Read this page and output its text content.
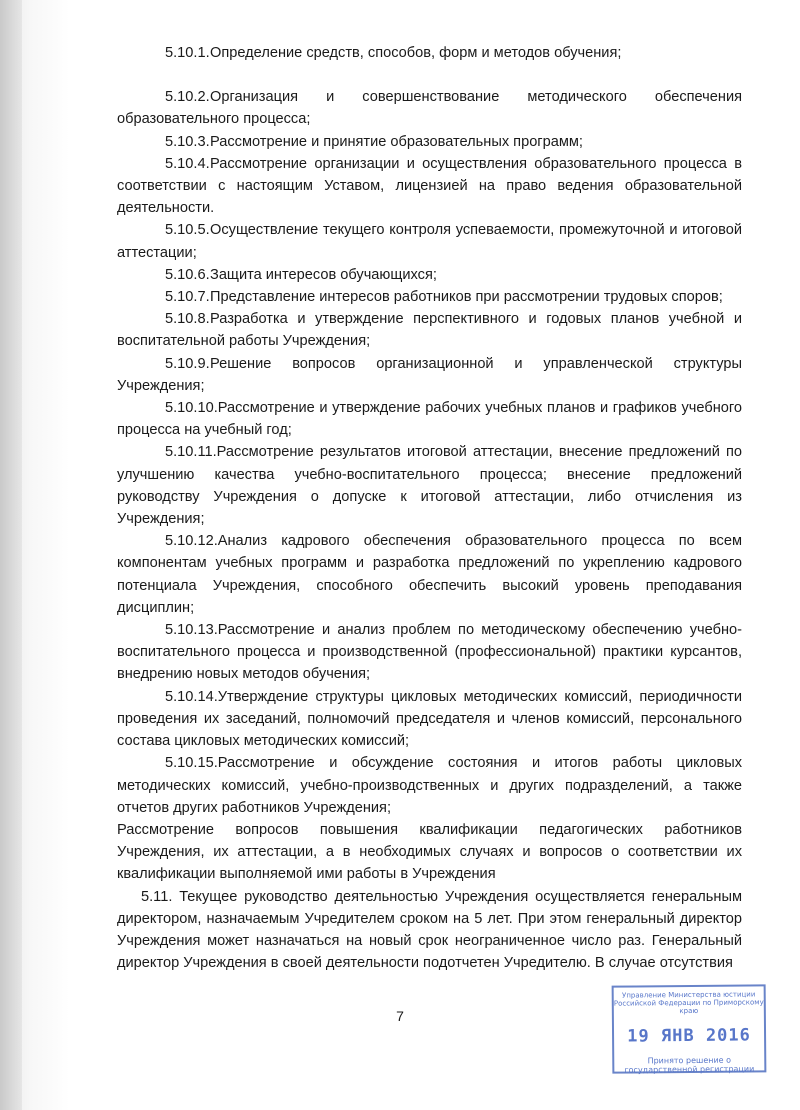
5.10.1.Определение средств, способов, форм и методов обучения;

5.10.2.Организация и совершенствование методического обеспечения образовательного процесса;

5.10.3.Рассмотрение и принятие образовательных программ;

5.10.4.Рассмотрение организации и осуществления образовательного процесса в соответствии с настоящим Уставом, лицензией на право ведения образовательной деятельности.

5.10.5.Осуществление текущего контроля успеваемости, промежуточной и итоговой аттестации;

5.10.6.Защита интересов обучающихся;

5.10.7.Представление интересов работников при рассмотрении трудовых споров;

5.10.8.Разработка и утверждение перспективного и годовых планов учебной и воспитательной работы Учреждения;

5.10.9.Решение вопросов организационной и управленческой структуры Учреждения;

5.10.10.Рассмотрение и утверждение рабочих учебных планов и графиков учебного процесса на учебный год;

5.10.11.Рассмотрение результатов итоговой аттестации, внесение предложений по улучшению качества учебно-воспитательного процесса; внесение предложений руководству Учреждения о допуске к итоговой аттестации, либо отчисления из Учреждения;

5.10.12.Анализ кадрового обеспечения образовательного процесса по всем компонентам учебных программ и разработка предложений по укреплению кадрового потенциала Учреждения, способного обеспечить высокий уровень преподавания дисциплин;

5.10.13.Рассмотрение и анализ проблем по методическому обеспечению учебно-воспитательного процесса и производственной (профессиональной) практики курсантов, внедрению новых методов обучения;

5.10.14.Утверждение структуры цикловых методических комиссий, периодичности проведения их заседаний, полномочий председателя и членов комиссий, персонального состава цикловых методических комиссий;

5.10.15.Рассмотрение и обсуждение состояния и итогов работы цикловых методических комиссий, учебно-производственных и других подразделений, а также отчетов других работников Учреждения;

Рассмотрение вопросов повышения квалификации педагогических работников Учреждения, их аттестации, а в необходимых случаях и вопросов о соответствии их квалификации выполняемой ими работы в Учреждения

5.11. Текущее руководство деятельностью Учреждения осуществляется генеральным директором, назначаемым Учредителем сроком на 5 лет. При этом генеральный директор Учреждения может назначаться на новый срок неограниченное число раз. Генеральный директор Учреждения в своей деятельности подотчетен Учредителю. В случае отсутствия

7
Управление Министерства юстиции Российской Федерации по Приморскому краю
19 ЯНВ 2016
Принято решение о государственной регистрации
